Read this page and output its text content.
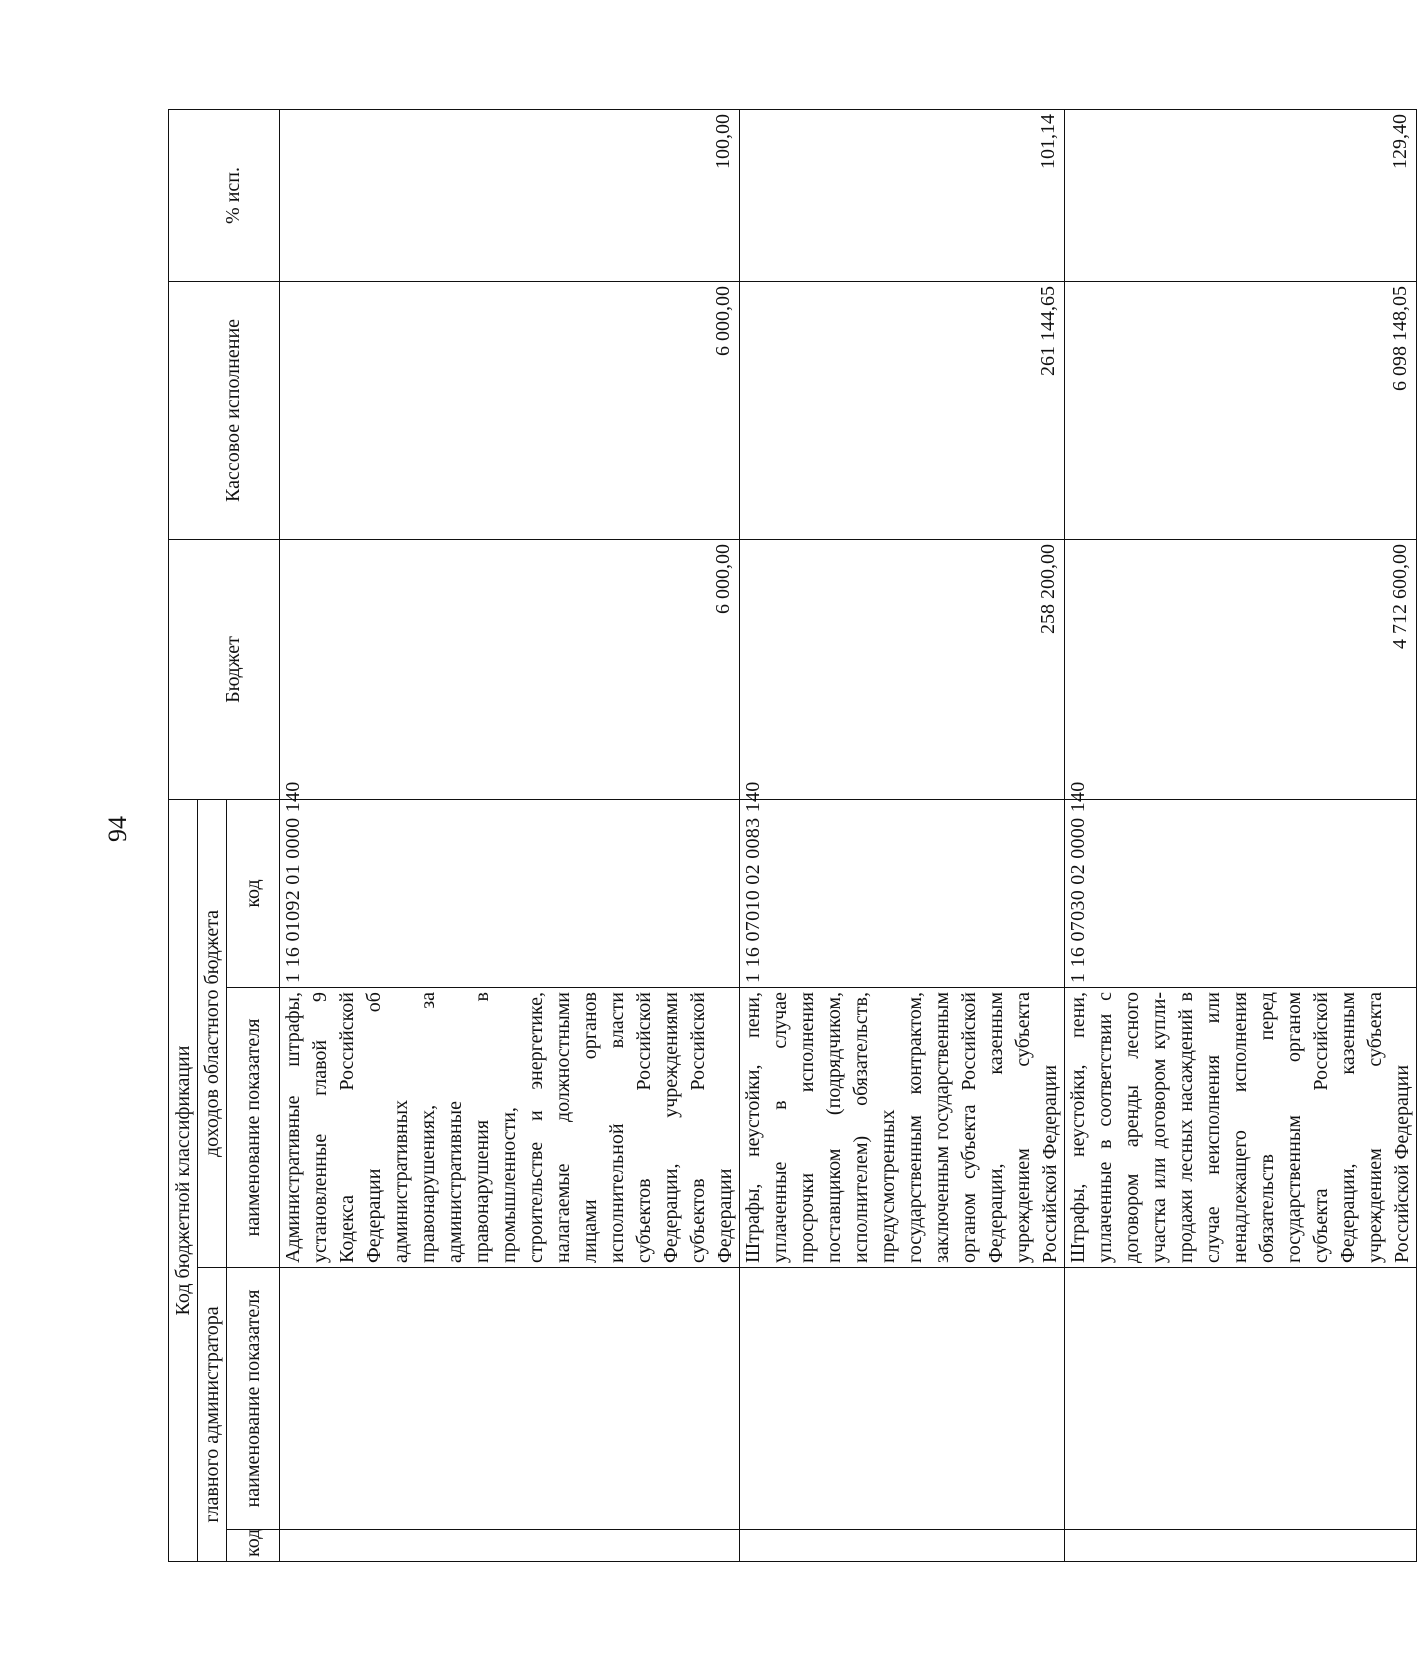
94
Код бюджетной классификации				Бюджет	Кассовое исполнение	% исп.
главного администратора		доходов областного бюджета				
код	наименование показателя	наименование показателя	код			
		Административные штрафы, установленные главой 9 Кодекса Российской Федерации об административных правонарушениях, за административные правонарушения в промышленности, строительстве и энергетике, налагаемые должностными лицами органов исполнительной власти субъектов Российской Федерации, учреждениями субъектов Российской Федерации	1 16 01092 01 0000 140	6 000,00	6 000,00	100,00
		Штрафы, неустойки, пени, уплаченные в случае просрочки исполнения поставщиком (подрядчиком, исполнителем) обязательств, предусмотренных государственным контрактом, заключенным государственным органом субъекта Российской Федерации, казенным учреждением субъекта Российской Федерации	1 16 07010 02 0083 140	258 200,00	261 144,65	101,14
		Штрафы, неустойки, пени, уплаченные в соответствии с договором аренды лесного участка или договором купли-продажи лесных насаждений в случае неисполнения или ненадлежащего исполнения обязательств перед государственным органом субъекта Российской Федерации, казенным учреждением субъекта Российской Федерации	1 16 07030 02 0000 140	4 712 600,00	6 098 148,05	129,40
